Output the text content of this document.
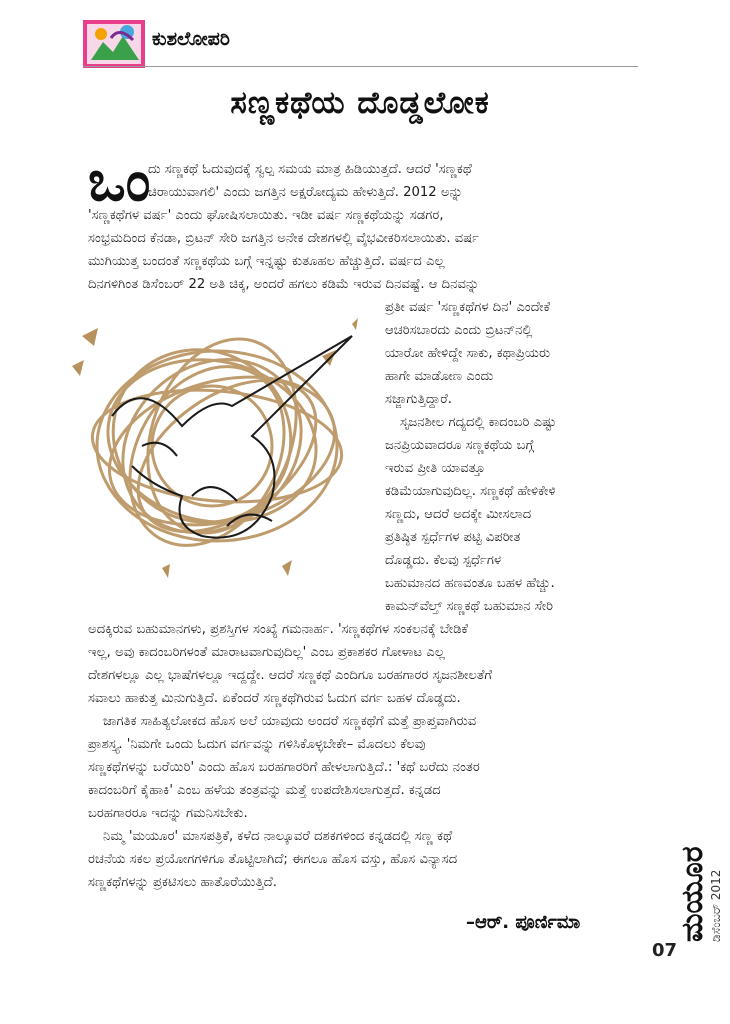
ಕುಶಲೋಪರಿ
ಸಣ್ಣಕಥೆಯ ದೊಡ್ಡಲೋಕ
ಒಂ
ದು ಸಣ್ಣಕಥೆ ಓದುವುದಕ್ಕೆ ಸ್ವಲ್ಪ ಸಮಯ ಮಾತ್ರ ಹಿಡಿಯುತ್ತದೆ. ಆದರೆ 'ಸಣ್ಣಕಥೆ
ಚಿರಾಯುವಾಗಲಿ' ಎಂದು ಜಗತ್ತಿನ ಅಕ್ಷರೋದ್ಯಮ ಹೇಳುತ್ತಿದೆ. 2012 ಅನ್ನು
'ಸಣ್ಣಕಥೆಗಳ ವರ್ಷ' ಎಂದು ಘೋಷಿಸಲಾಯಿತು. ಇಡೀ ವರ್ಷ ಸಣ್ಣಕಥೆಯನ್ನು ಸಡಗರ,
ಸಂಭ್ರಮದಿಂದ ಕೆನಡಾ, ಬ್ರಿಟನ್ ಸೇರಿ ಜಗತ್ತಿನ ಅನೇಕ ದೇಶಗಳಲ್ಲಿ ವೈಭವೀಕರಿಸಲಾಯಿತು. ವರ್ಷ
ಮುಗಿಯುತ್ತ ಬಂದಂತೆ ಸಣ್ಣಕಥೆಯ ಬಗ್ಗೆ ಇನ್ನಷ್ಟು ಕುತೂಹಲ ಹೆಚ್ಚುತ್ತಿದೆ. ವರ್ಷದ ಎಲ್ಲ
ದಿನಗಳಿಗಿಂತ ಡಿಸೆಂಬರ್ 22 ಅತಿ ಚಿಕ್ಕ, ಅಂದರೆ ಹಗಲು ಕಡಿಮೆ ಇರುವ ದಿನವಷ್ಟೆ. ಆ ದಿನವನ್ನು
ಪ್ರತೀ ವರ್ಷ 'ಸಣ್ಣಕಥೆಗಳ ದಿನ' ಎಂದೇಕೆ
ಆಚರಿಸಬಾರದು ಎಂದು ಬ್ರಿಟನ್‌ನಲ್ಲಿ
ಯಾರೋ ಹೇಳಿದ್ದೇ ಸಾಕು, ಕಥಾಪ್ರಿಯರು
ಹಾಗೇ ಮಾಡೋಣ ಎಂದು
ಸಜ್ಜಾಗುತ್ತಿದ್ದಾರೆ.
ಸೃಜನಶೀಲ ಗದ್ಯದಲ್ಲಿ ಕಾದಂಬರಿ ಎಷ್ಟು
ಜನಪ್ರಿಯವಾದರೂ ಸಣ್ಣಕಥೆಯ ಬಗ್ಗೆ
ಇರುವ ಪ್ರೀತಿ ಯಾವತ್ತೂ
ಕಡಿಮೆಯಾಗುವುದಿಲ್ಲ. ಸಣ್ಣಕಥೆ ಹೇಳಿಕೇಳಿ
ಸಣ್ಣದು, ಆದರೆ ಅದಕ್ಕೇ ಮೀಸಲಾದ
ಪ್ರತಿಷ್ಠಿತ ಸ್ಪರ್ಧೆಗಳ ಪಟ್ಟಿ ವಿಪರೀತ
ದೊಡ್ಡದು. ಕೆಲವು ಸ್ಪರ್ಧೆಗಳ
ಬಹುಮಾನದ ಹಣವಂತೂ ಬಹಳ ಹೆಚ್ಚು.
ಕಾಮನ್‌ವೆಲ್ತ್ ಸಣ್ಣಕಥೆ ಬಹುಮಾನ ಸೇರಿ
ಅದಕ್ಕಿರುವ ಬಹುಮಾನಗಳು, ಪ್ರಶಸ್ತಿಗಳ ಸಂಖ್ಯೆ ಗಮನಾರ್ಹ. 'ಸಣ್ಣಕಥೆಗಳ ಸಂಕಲನಕ್ಕೆ ಬೇಡಿಕೆ
ಇಲ್ಲ, ಅವು ಕಾದಂಬರಿಗಳಂತೆ ಮಾರಾಟವಾಗುವುದಿಲ್ಲ' ಎಂಬ ಪ್ರಕಾಶಕರ ಗೋಳಾಟ ಎಲ್ಲ
ದೇಶಗಳಲ್ಲೂ ಎಲ್ಲ ಭಾಷೆಗಳಲ್ಲೂ ಇದ್ದದ್ದೇ. ಆದರೆ ಸಣ್ಣಕಥೆ ಎಂದಿಗೂ ಬರಹಗಾರರ ಸೃಜನಶೀಲತೆಗೆ
ಸವಾಲು ಹಾಕುತ್ತ ಮಿನುಗುತ್ತಿದೆ. ಏಕೆಂದರೆ ಸಣ್ಣಕಥೆಗಿರುವ ಓದುಗ ವರ್ಗ ಬಹಳ ದೊಡ್ಡದು.
ಜಾಗತಿಕ ಸಾಹಿತ್ಯಲೋಕದ ಹೊಸ ಅಲೆ ಯಾವುದು ಅಂದರೆ ಸಣ್ಣಕಥೆಗೆ ಮತ್ತೆ ಪ್ರಾಪ್ತವಾಗಿರುವ
ಪ್ರಾಶಸ್ತ್ಯ. 'ನಿಮಗೇ ಒಂದು ಓದುಗ ವರ್ಗವನ್ನು ಗಳಿಸಿಕೊಳ್ಳಬೇಕೇ– ಮೊದಲು ಕೆಲವು
ಸಣ್ಣಕಥೆಗಳನ್ನು ಬರೆಯಿರಿ' ಎಂದು ಹೊಸ ಬರಹಗಾರರಿಗೆ ಹೇಳಲಾಗುತ್ತಿದೆ.: 'ಕಥೆ ಬರೆದು ನಂತರ
ಕಾದಂಬರಿಗೆ ಕೈಹಾಕಿ' ಎಂಬ ಹಳೆಯ ತಂತ್ರವನ್ನು ಮತ್ತೆ ಉಪದೇಶಿಸಲಾಗುತ್ತದೆ. ಕನ್ನಡದ
ಬರಹಗಾರರೂ ಇದನ್ನು ಗಮನಿಸಬೇಕು.
ನಿಮ್ಮ 'ಮಯೂರ' ಮಾಸಪತ್ರಿಕೆ, ಕಳೆದ ನಾಲ್ಕೂವರೆ ದಶಕಗಳಿಂದ ಕನ್ನಡದಲ್ಲಿ ಸಣ್ಣ ಕಥೆ
ರಚನೆಯ ಸಕಲ ಪ್ರಯೋಗಗಳಿಗೂ ತೊಟ್ಟಿಲಾಗಿದೆ; ಈಗಲೂ ಹೊಸ ವಸ್ತು, ಹೊಸ ವಿನ್ಯಾಸದ
ಸಣ್ಣಕಥೆಗಳನ್ನು ಪ್ರಕಟಿಸಲು ಹಾತೊರೆಯುತ್ತಿದೆ.
–ಆರ್. ಪೂರ್ಣಿಮಾ	ಮಯೂರ ಡಿಸೆಂಬರ್ 2012
07
